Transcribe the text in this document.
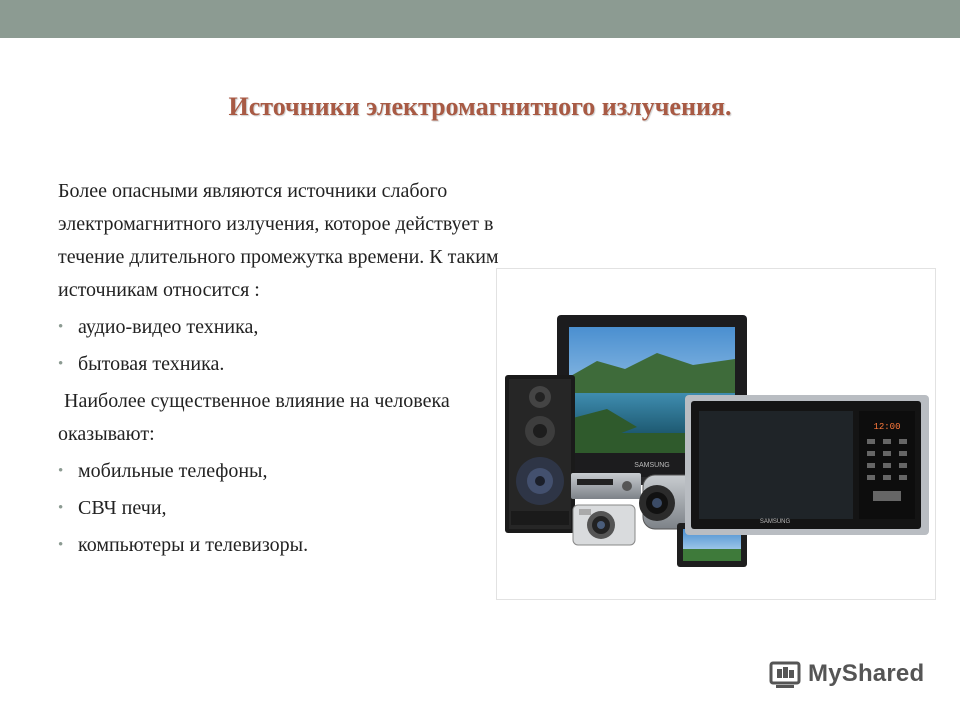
Источники электромагнитного излучения.

Более опасными являются источники слабого электромагнитного излучения, которое действует в течение длительного промежутка времени. К таким источникам относится :

• аудио-видео техника,
• бытовая техника.

Наиболее существенное влияние на человека оказывают:

• мобильные телефоны,
• СВЧ печи,
• компьютеры и телевизоры.
SAMSUNG
12:00
SAMSUNG
MyShared
